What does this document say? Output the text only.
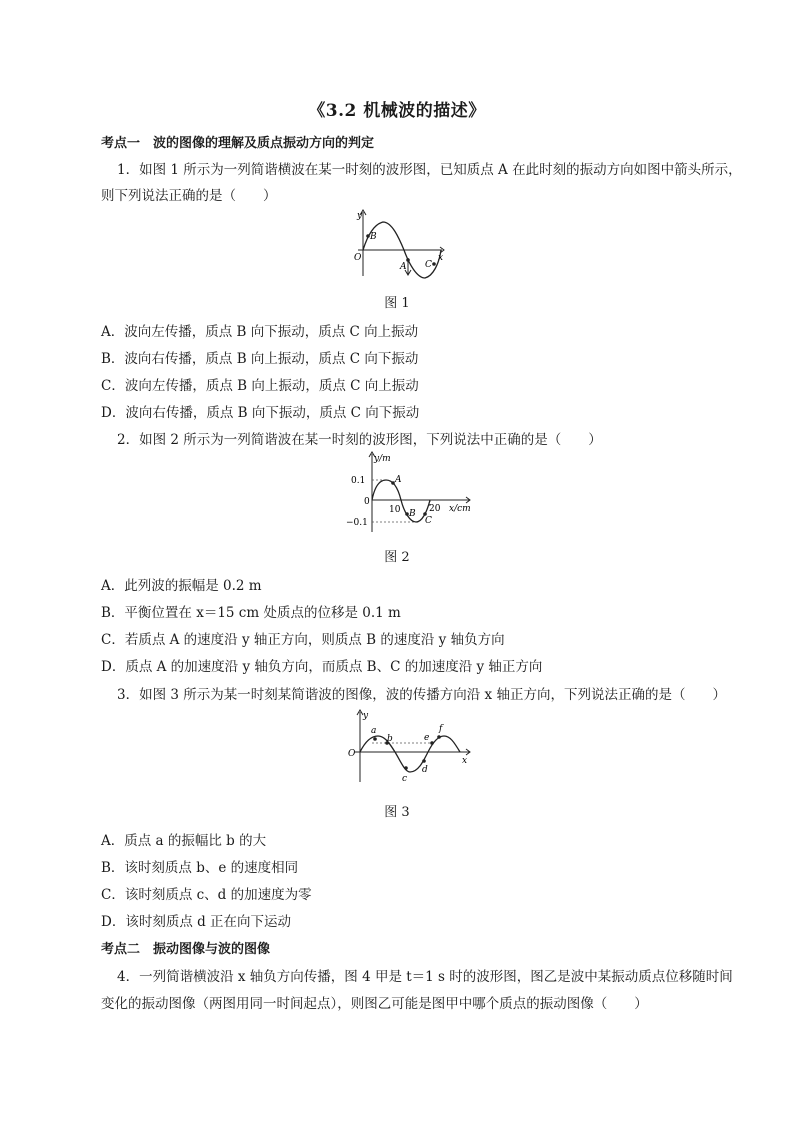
《3.2 机械波的描述》
考点一　波的图像的理解及质点振动方向的判定
1．如图 1 所示为一列简谐横波在某一时刻的波形图，已知质点 A 在此时刻的振动方向如图中箭头所示，
则下列说法正确的是（　　）
y
x
O
B
A C
图 1
A．波向左传播，质点 B 向下振动，质点 C 向上振动
B．波向右传播，质点 B 向上振动，质点 C 向下振动
C．波向左传播，质点 B 向上振动，质点 C 向上振动
D．波向右传播，质点 B 向下振动，质点 C 向下振动
2．如图 2 所示为一列简谐波在某一时刻的波形图，下列说法中正确的是（　　）
y/m
x/cm
0.1
0
−0.1
10	20
A
B
C
图 2
A．此列波的振幅是 0.2 m
B．平衡位置在 x＝15 cm 处质点的位移是 0.1 m
C．若质点 A 的速度沿 y 轴正方向，则质点 B 的速度沿 y 轴负方向
D．质点 A 的加速度沿 y 轴负方向，而质点 B、C 的加速度沿 y 轴正方向
3．如图 3 所示为某一时刻某简谐波的图像，波的传播方向沿 x 轴正方向，下列说法正确的是（　　）
y
x
O
a
b
c
d
e
f
图 3
A．质点 a 的振幅比 b 的大
B．该时刻质点 b、e 的速度相同
C．该时刻质点 c、d 的加速度为零
D．该时刻质点 d 正在向下运动
考点二　振动图像与波的图像
4．一列简谐横波沿 x 轴负方向传播，图 4 甲是 t＝1 s 时的波形图，图乙是波中某振动质点位移随时间
变化的振动图像（两图用同一时间起点），则图乙可能是图甲中哪个质点的振动图像（　　）
